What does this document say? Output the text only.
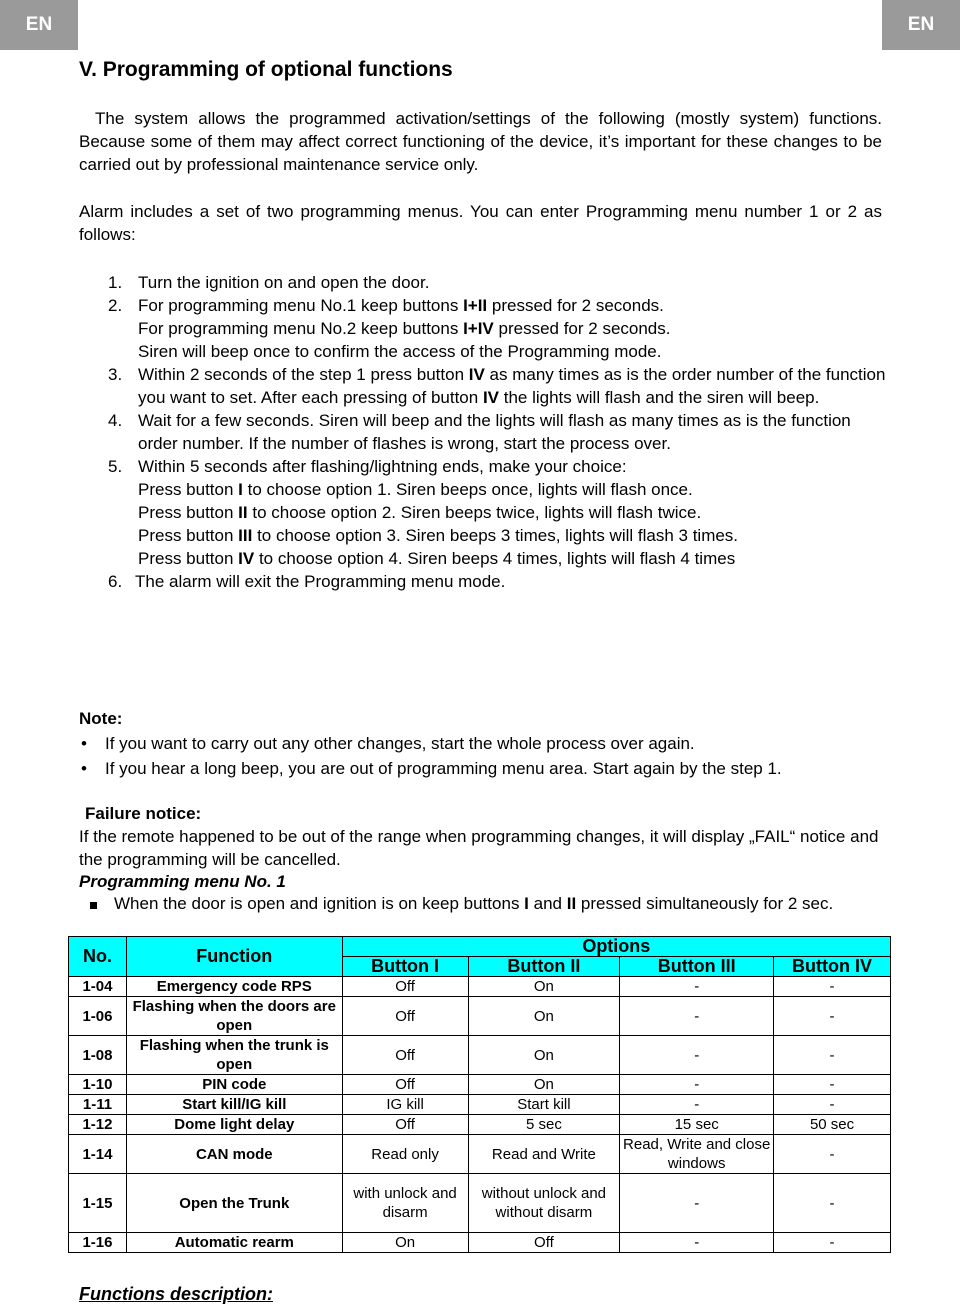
EN	EN
V. Programming of optional functions

The system allows the programmed activation/settings of the following (mostly system) functions. Because some of them may affect correct functioning of the device, it’s important for these changes to be carried out by professional maintenance service only.

Alarm includes a set of two programming menus. You can enter Programming menu number 1 or 2 as follows:

1. Turn the ignition on and open the door.
2. For programming menu No.1 keep buttons I+II pressed for 2 seconds.
For programming menu No.2 keep buttons I+IV pressed for 2 seconds.
Siren will beep once to confirm the access of the Programming mode.
3. Within 2 seconds of the step 1 press button IV as many times as is the order number of the function you want to set. After each pressing of button IV the lights will flash and the siren will beep.
4. Wait for a few seconds. Siren will beep and the lights will flash as many times as is the function order number. If the number of flashes is wrong, start the process over.
5. Within 5 seconds after flashing/lightning ends, make your choice:
Press button I to choose option 1. Siren beeps once, lights will flash once.
Press button II to choose option 2. Siren beeps twice, lights will flash twice.
Press button III to choose option 3. Siren beeps 3 times, lights will flash 3 times.
Press button IV to choose option 4. Siren beeps 4 times, lights will flash 4 times
6. The alarm will exit the Programming menu mode.
Note:
•	If you want to carry out any other changes, start the whole process over again.
•	If you hear a long beep, you are out of programming menu area. Start again by the step 1.
Failure notice:
If the remote happened to be out of the range when programming changes, it will display „FAIL“ notice and the programming will be cancelled.
Programming menu No. 1
When the door is open and ignition is on keep buttons I and II pressed simultaneously for 2 sec.
No.	Function	Options			
		Button I	Button II	Button III	Button IV
1-04	Emergency code RPS	Off	On	-	-
1-06	Flashing when the doors are open	Off	On	-	-
1-08	Flashing when the trunk is open	Off	On	-	-
1-10	PIN code	Off	On	-	-
1-11	Start kill/IG kill	IG kill	Start kill	-	-
1-12	Dome light delay	Off	5 sec	15 sec	50 sec
1-14	CAN mode	Read only	Read and Write	Read, Write and close windows	-
1-15	Open the Trunk	with unlock and disarm	without unlock and without disarm	-	-
1-16	Automatic rearm	On	Off	-	-
Functions description:
